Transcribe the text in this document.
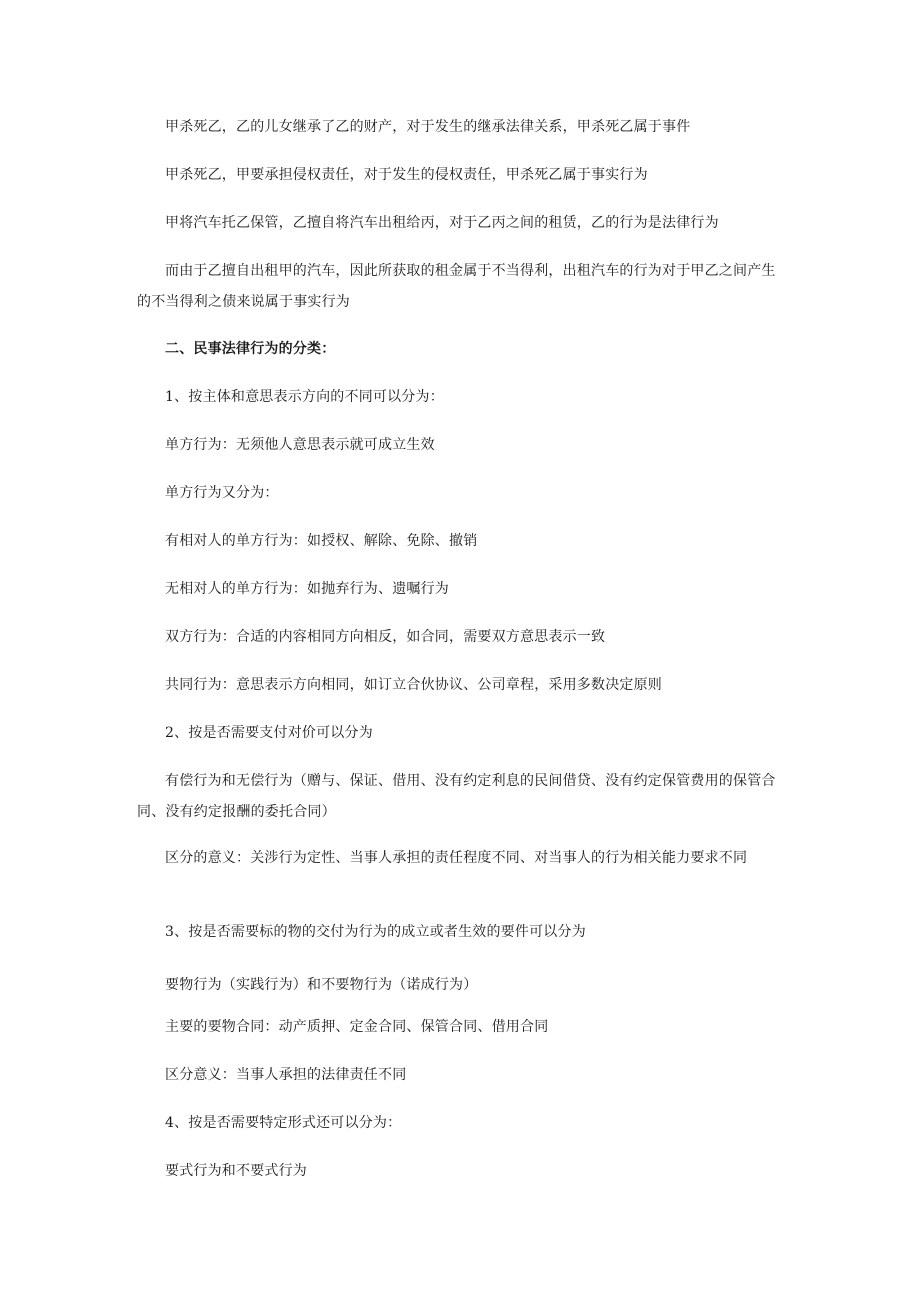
甲杀死乙，乙的儿女继承了乙的财产，对于发生的继承法律关系，甲杀死乙属于事件

甲杀死乙，甲要承担侵权责任，对于发生的侵权责任，甲杀死乙属于事实行为

甲将汽车托乙保管，乙擅自将汽车出租给丙，对于乙丙之间的租赁，乙的行为是法律行为

而由于乙擅自出租甲的汽车，因此所获取的租金属于不当得利，出租汽车的行为对于甲乙之间产生的不当得利之债来说属于事实行为

二、民事法律行为的分类：

1、按主体和意思表示方向的不同可以分为：

单方行为：无须他人意思表示就可成立生效

单方行为又分为：

有相对人的单方行为：如授权、解除、免除、撤销

无相对人的单方行为：如抛弃行为、遗嘱行为

双方行为：合适的内容相同方向相反，如合同，需要双方意思表示一致

共同行为：意思表示方向相同，如订立合伙协议、公司章程，采用多数决定原则

2、按是否需要支付对价可以分为

有偿行为和无偿行为（赠与、保证、借用、没有约定利息的民间借贷、没有约定保管费用的保管合同、没有约定报酬的委托合同）

区分的意义：关涉行为定性、当事人承担的责任程度不同、对当事人的行为相关能力要求不同

3、按是否需要标的物的交付为行为的成立或者生效的要件可以分为

要物行为（实践行为）和不要物行为（诺成行为）

主要的要物合同：动产质押、定金合同、保管合同、借用合同

区分意义：当事人承担的法律责任不同

4、按是否需要特定形式还可以分为：

要式行为和不要式行为
